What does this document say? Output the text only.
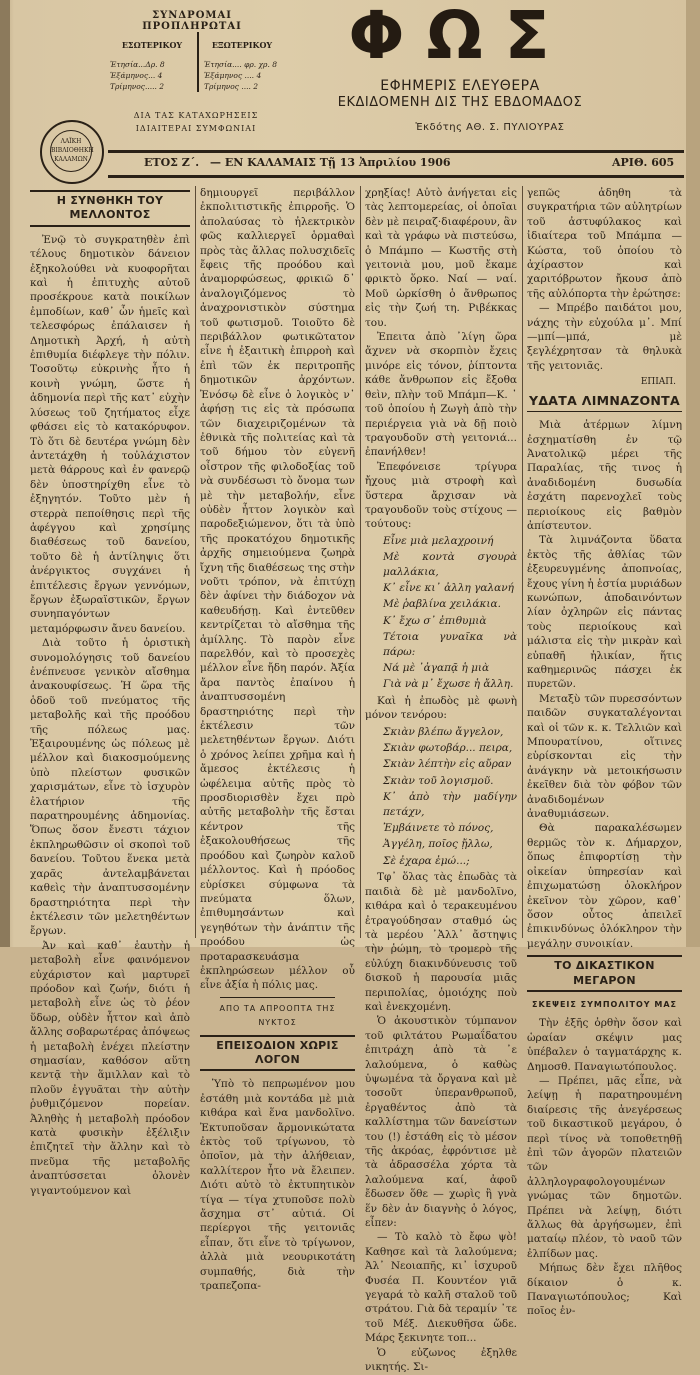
ΣΥΝΔΡΟΜΑΙ ΠΡΟΠΛΗΡΩΤΑΙ
ΕΣΩΤΕΡΙΚΟΥ	ΕΞΩΤΕΡΙΚΟΥ
Ἐτησία...Δρ. 8
Ἑξάμηνος... 4
Τρίμηνος..... 2
Ἐτησία.... φρ. χρ. 8
Ἑξάμηνος .... 4
Τρίμηνος .... 2
ΔΙΑ ΤΑΣ ΚΑΤΑΧΩΡΗΣΕΙΣ
ΙΔΙΑΙΤΕΡΑΙ ΣΥΜΦΩΝΙΑΙ
ΛΑΪΚΗ ΒΙΒΛΙΟΘΗΚΗ ΚΑΛΑΜΩΝ
ΦΩΣ
ΕΦΗΜΕΡΙΣ ΕΛΕΥΘΕΡΑ
ΕΚΔΙΔΟΜΕΝΗ ΔΙΣ ΤΗΣ ΕΒΔΟΜΑΔΟΣ
Ἐκδότης ΑΘ. Σ. ΠΥΛΙΟΥΡΑΣ
ΕΤΟΣ Ζ΄. — ΕΝ ΚΑΛΑΜΑΙΣ Τῇ 13 Ἀπριλίου 1906	ΑΡΙΘ. 605
Η ΣΥΝΘΗΚΗ ΤΟΥ ΜΕΛΛΟΝΤΟΣ

Ἐνῷ τὸ συγκρατηθὲν ἐπὶ τέλους δημοτικὸν δάνειον ἐξηκολούθει νὰ κυοφορῆται καὶ ἡ ἐπιτυχὴς αὐτοῦ προσέκρουε κατὰ ποικίλων ἐμποδίων, καθ᾽ ὧν ἡμεῖς καὶ τελεσφόρως ἐπάλαισεν ἡ Δημοτικὴ Ἀρχή, ἡ αὐτὴ ἐπιθυμία διέφλεγε τὴν πόλιν. Τοσοῦτῳ εὐκρινὴς ἦτο ἡ κοινὴ γνώμη, ὥστε ἡ ἀδημονία περὶ τῆς κατ᾽ εὐχὴν λύσεως τοῦ ζητήματος εἶχε φθάσει εἰς τὸ κατακόρυφον. Τὸ ὅτι δὲ δευτέρα γνώμη δὲν ἀντετάχθη ἡ τοὐλάχιστον μετὰ θάρρους καὶ ἐν φανερῷ δὲν ὑποστηρίχθη εἶνε τὸ ἐξηγητόν. Τοῦτο μὲν ἡ στερρὰ πεποίθησις περὶ τῆς ἀφέγγου καὶ χρησίμης διαθέσεως τοῦ δανείου, τοῦτο δὲ ἡ ἀντίληψις ὅτι ἀνέργικτος συγχάνει ἡ ἐπιτέλεσις ἔργων γεννόμων, ἔργων ἐξωραϊστικῶν, ἔργων συνηπαγόντων μεταμόρφωσιν ἄνευ δανείου.

Διὰ τοῦτο ἡ ὁριστικὴ συνομολόγησις τοῦ δανείου ἐνέπνευσε γενικὸν αἴσθημα ἀνακουφίσεως. Ἡ ὥρα τῆς ὁδοῦ τοῦ πνεύματος τῆς μεταβολῆς καὶ τῆς προόδου τῆς πόλεως μας. Ἐξαιρουμένης ὡς πόλεως μὲ μέλλον καὶ διακοσμούμενης ὑπὸ πλείστων φυσικῶν χαρισμάτων, εἶνε τὸ ἰσχυρὸν ἐλατήριον τῆς παρατηρουμένης ἀδημονίας. Ὅπως ὅσον ἔνεστι τάχιον ἐκπληρωθῶσιν οἱ σκοποὶ τοῦ δανείου. Τοῦτου ἕνεκα μετὰ χαρᾶς ἀντελαμβάνεται καθεὶς τὴν ἀναπτυσσομένην δραστηριότητα περὶ τὴν ἐκτέλεσιν τῶν μελετηθέντων ἔργων.

Ἀν καὶ καθ᾽ ἑαυτὴν ἡ μεταβολὴ εἶνε φαινόμενον εὐχάριστον καὶ μαρτυρεῖ πρόοδον καὶ ζωήν, διότι ἡ μεταβολὴ εἶνε ὡς τὸ ῥέον ὕδωρ, οὐδὲν ἧττον καὶ ἀπὸ ἄλλης σοβαρωτέρας ἀπόψεως ἡ μεταβολὴ ἐνέχει πλείστην σημασίαν, καθόσον αὕτη κεντᾷ τὴν ἅμιλλαν καὶ τὸ πλοῦν ἐγγυᾶται τὴν αὐτὴν ῥυθμιζόμενον πορείαν. Ἀληθὴς ἡ μεταβολὴ πρόοδον κατὰ φυσικὴν ἐξέλιξιν ἐπιζητεῖ τὴν ἄλλην καὶ τὸ πνεῦμα τῆς μεταβολῆς ἀναπτύσσεται ὁλονὲν γιγαντούμενον καὶ

δημιουργεῖ περιβάλλον ἐκπολιτιστικῆς ἐπιρροῆς. Ὁ ἀπολαύσας τὸ ἠλεκτρικὸν φῶς καλλιεργεῖ ὁρμαθαὶ πρὸς τὰς ἄλλας πολυσχιδεῖς ἔφεις τῆς προόδου καὶ ἀναμορφώσεως, φρικιῶ δ᾽ ἀναλογιζόμενος τὸ ἀναχρονιστικὸν σύστημα τοῦ φωτισμοῦ. Τοιοῦτο δὲ περιβάλλον φωτικῶτατον εἶνε ἡ ἐξαιτικὴ ἐπιρροὴ καὶ ἐπὶ τῶν ἐκ περιτροπῆς δημοτικῶν ἀρχόντων. Ἐνόσῳ δὲ εἶνε ὁ λογικὸς ν᾽ ἀφήσῃ τις εἰς τὰ πρόσωπα τῶν διαχειριζομένων τὰ ἐθνικὰ τῆς πολιτείας καὶ τὰ τοῦ δήμου τὸν εὐγενῆ οἶστρον τῆς φιλοδοξίας τοῦ νὰ συνδέσωσι τὸ ὄνομα των μὲ τὴν μεταβολήν, εἶνε οὐδὲν ἧττον λογικὸν καὶ παροδεξιώμενον, ὅτι τὰ ὑπὸ τῆς προκατόχου δημοτικῆς ἀρχῆς σημειούμενα ζωηρὰ ἴχνη τῆς διαθέσεως της στὴν νοῦτι τρόπον, νὰ ἐπιτύχῃ δὲν ἀφίνει τὴν διάδοχον νὰ καθευδήσῃ. Καὶ ἐντεῦθεν κεντρίζεται τὸ αἴσθημα τῆς ἁμίλλης. Τὸ παρὸν εἶνε παρελθόν, καὶ τὸ προσεχὲς μέλλον εἶνε ἤδη παρόν. Ἀξία ἄρα παντὸς ἐπαίνου ἡ ἀναπτυσσομένη δραστηριότης περὶ τὴν ἐκτέλεσιν τῶν μελετηθέντων ἔργων. Διότι ὁ χρόνος λείπει χρῆμα καὶ ἡ ἄμεσος ἐκτέλεσις ἡ ὠφέλειμα αὐτῆς πρὸς τὸ προσδιορισθὲν ἔχει πρὸ αὐτῆς μεταβολὴν τῆς ἔσται κέντρον τῆς ἐξακολουθήσεως τῆς προόδου καὶ ζωηρὸν καλοῦ μέλλοντος. Καὶ ἡ πρόοδος εὑρίσκει σύμφωνα τὰ πνεύματα ὅλων, ἐπιθυμησάντων καὶ γεγηθότων τὴν ἀνάπτιν τῆς προόδου ὡς προταρασκευάσμα ἐκπληρώσεων μέλλον οὗ εἶνε ἀξία ἡ πόλις μας.

ΑΠΟ ΤΑ ΑΠΡΟΟΠΤΑ ΤΗΣ ΝΥΚΤΟΣ
ΕΠΕΙΣΟΔΙΟΝ ΧΩΡΙΣ ΛΟΓΟΝ

Ὑπὸ τὸ πεπρωμένον μου ἐστάθη μιὰ κοντάδα μὲ μιὰ κιθάρα καὶ ἕνα μανδολῖνο. Ἐκτυποῦσαν ἄρμονικώτατα ἐκτὸς τοῦ τρίγωνου, τὸ ὁποῖον, μὰ τὴν ἀλήθειαν, καλλίτερον ἦτο νὰ ἔλειπεν. Διότι αὐτὸ τὸ ἐκτυπητικὸν τίγα — τίγα χτυποῦσε πολὺ ἄσχημα στ᾽ αὐτιά. Οἱ περίεργοι τῆς γειτονιᾶς εἶπαν, ὅτι εἶνε τὸ τρίγωνον, ἀλλὰ μιὰ νεουρικοτάτη συμπαθής, διὰ τὴν τραπεζοπα-

χρηξίας! Αὐτὸ ἀνήγεται εἰς τὰς λεπτομερείας, οἱ ὁποῖαι δὲν μὲ πειραζ·διαφέρουν, ἂν καὶ τὰ γράφω νὰ πιστεύσω, ὁ Μπάμπο — Κωστῆς στὴ γειτονιὰ μου, μοῦ ἔκαμε φρικτὸ ὅρκο. Ναί — ναί. Μοῦ ὡρκίσθη ὁ ἄνθρωπος εἰς τὴν ζωή τη. Ριβέκκας του.

Ἐπειτα ἀπὸ ᾽λίγη ὥρα ἄχνεν νὰ σκορπιὸν ἔχεις μινόρε εἰς τόνον, ῥίπτοντα κάθε ἄνθρωπον εἰς ἔξοθα θεὶν, πλὴν τοῦ Μπάμπ—Κ. ᾽ τοῦ ὁποίου ἡ Ζωγὴ ἀπὸ τὴν περιέργεια γιὰ νὰ δῇ ποιὸ τραγουδοῦν στὴ γειτονιά... ἐπανήλθεν!

Ἐπεφόνεισε τρίγυρα ἤχους μιὰ στροφὴ καὶ ὕστερα ἄρχισαν νὰ τραγουδοῦν τοὺς στίχους — τούτους:

Εἶνε μιὰ μελαχροινή

Μὲ κοντὰ σγουρὰ μαλλάκια,

Κ᾽ εἶνε κι᾽ ἀλλη γαλανή

Μὲ ῥαβλίνα χειλάκια.

Κ᾽ ἔχω σ᾽ ἐπιθυμιὰ

Τέτοια γυναῖκα νὰ πάρω:

Νά μὲ ᾽ἀγαπᾷ ἡ μιὰ

Γιὰ νὰ μ᾽ ἔχωσε ἡ ἄλλη.

Καὶ ἡ ἐπωδὸς μὲ φωνὴ μόνον τενόρου:

Σκιὰν βλέπω ἄγγελον,

Σκιὰν φωτοβάρ... πειρα,

Σκιὰν λέπτὴν εἰς αὔραν

Σκιὰν τοῦ λογισμοῦ.

Κ᾽ ἀπὸ τὴν μαδίγην πετάχν,

Ἐμβάινετε τὸ πόνος,

Ἀγγέλη, ποῖος ᾔλλω,

Σὲ ἐχαρα ἐμώ...;

Τφ᾽ ὅλας τὰς ἐπωδὰς τὰ παιδιὰ δὲ μὲ μανδολῖνο, κιθάρα καὶ ὁ τερακευμένου ἐτραγούδησαν σταθμό ὡς τὰ μερέου ᾽Ἀλλ᾽ ἄστηψις τὴν ῥώμη, τὸ τρομερὸ τῆς εὐλύχη διακινδύνευσις τοῦ δισκοῦ ἡ παρουσία μιᾶς περιπολίας, ὁμοιόχης ποὺ καὶ ἐνεκχομένη.

Ὁ ἀκουστικὸν τύμπανον τοῦ φιλτάτου Ρωμαΐδατου ἐπιτράχη ἀπὸ τὰ ᾽ε λαλούμενα, ὁ καθὼς ὑψωμένα τὰ ὄργανα καὶ μὲ τοσοῦτ ὑπερανθρωποῦ, ἐργαθέντος ἀπὸ τὰ καλλίστημα τῶν δανείστων του (!) ἐστάθη εἰς τὸ μέσον τῆς ἀκρόας, ἐφρόντισε μὲ τὰ ἀδρασσέλα χόρτα τὰ λαλούμενα καί, ἀφοῦ ἔδωσεν ὅθε — χωρὶς ἢ γνὰ ἕν δὲν ἀν διαγνὴς ὁ λόγος, εἶπεν:

— Τὸ καλὸ τὸ ἔφω ψὸ! Καθησε καὶ τὰ λαλούμενα; Ἀλ᾽ Νεοιαπῆς, κι᾽ ἰσχυροῦ Φυσέα Π. Κουντέον γιᾶ γεγαρά τὸ καλῆ σταλοῦ τοῦ στράτου. Γιὰ δὰ τεραμίν ᾽τε τοῦ Μέξ. Διεκυθῆσα ὥδε. Μάρς ξεκινητε τοπ...

Ὁ εὐζωνος ἐξηλθε νικητής. Σι-

γεπῶς ἀδηθη τὰ συγκρατήρια τῶν αὐλητρίων τοῦ ἀστυφύλακος καὶ ἰδιαίτερα τοῦ Μπάμπα — Κώστα, τοῦ ὁποίου τὸ ἀχίραστον καὶ χαριτόβρωτον ἤκουσ ἀπὸ τῆς αὐλόπορτα τὴν ἐρώτησε:

— Μπρέβο παιδάτοι μου, νάχης τὴν εὐχούλα μ᾽. Μπί—μπί—μπά, μὲ ξεγλέχρητσαν τὰ θηλυκὰ τῆς γειτονιᾶς.

ΕΠΙΑΠ.

ΥΔΑΤΑ ΛΙΜΝΑΖΟΝΤΑ

Μιὰ ἀτέρμων λίμνη ἐσχηματίσθη ἐν τῷ Ἀνατολικῷ μέρει τῆς Παραλίας, τῆς τινος ἡ ἀναδιδομένη δυσωδία ἐσχάτη παρενοχλεῖ τοὺς περιοίκους εἰς βαθμὸν ἀπίστευτον.

Τὰ λιμνάζοντα ὕδατα ἐκτὸς τῆς ἀθλίας τῶν ἐξευρευγμένης ἀποπνοίας, ἔχους γίνη ἡ ἑστία μυριάδων κωνώπων, ἀποδαινόντων λίαν ὀχληρῶν εἰς πάντας τοὺς περιοίκους καὶ μάλιστα εἰς τὴν μικρὰν καὶ εὐπαθῆ ἡλικίαν, ἥτις καθημερινῶς πάσχει ἐκ πυρετῶν.

Μεταξὺ τῶν πυρεσσόντων παιδῶν συγκαταλέγονται καὶ οἱ τῶν κ. κ. Τελλιῶν καὶ Μπουρατίνου, οἵτινες εὑρίσκονται εἰς τὴν ἀνάγκην νὰ μετοικήσωσιν ἐκεῖθεν διὰ τὸν φόβον τῶν ἀναδιδομένων ἀναθυμιάσεων.

Θὰ παρακαλέσωμεν θερμῶς τὸν κ. Δήμαρχον, ὅπως ἐπιφορτίσῃ τὴν οἰκείαν ὑπηρεσίαν καὶ ἐπιχωματώσῃ ὁλοκλήρον ἐκεῖνον τὸν χῶρον, καθ᾽ ὅσον οὗτος ἀπειλεῖ ἐπικινδύνως ὁλόκληρον τὴν μεγάλην συνοικίαν.

ΤΟ ΔΙΚΑΣΤΙΚΟΝ ΜΕΓΑΡΟΝ
ΣΚΕΨΕΙΣ ΣΥΜΠΟΛΙΤΟΥ ΜΑΣ

Τὴν ἐξῆς ὀρθὴν ὅσον καὶ ὡραίαν σκέψιν μας ὑπέβαλεν ὁ ταγματάρχης κ. Δημοσθ. Παναγιωτόπουλος.

— Πρέπει, μᾶς εἶπε, νὰ λείψῃ ἡ παρατηρουμένη διαίρεσις τῆς ἀνεγέρσεως τοῦ δικαστικοῦ μεγάρου, ὁ περὶ τίνος νὰ τοποθετηθῇ ἐπὶ τῶν ἀγορῶν πλατειῶν τῶν ἀλληλογραφολογουμένων γνώμας τῶν δημοτῶν. Πρέπει νὰ λείψῃ, διότι ἄλλως θὰ ἀργήσωμεν, ἐπὶ ματαίῳ πλέον, τὸ ναοῦ τῶν ἐλπίδων μας.

Μήπως δὲν ἔχει πλῆθος δίκαιον ὁ κ. Παναγιωτόπουλος; Καὶ ποῖος ἐν-
